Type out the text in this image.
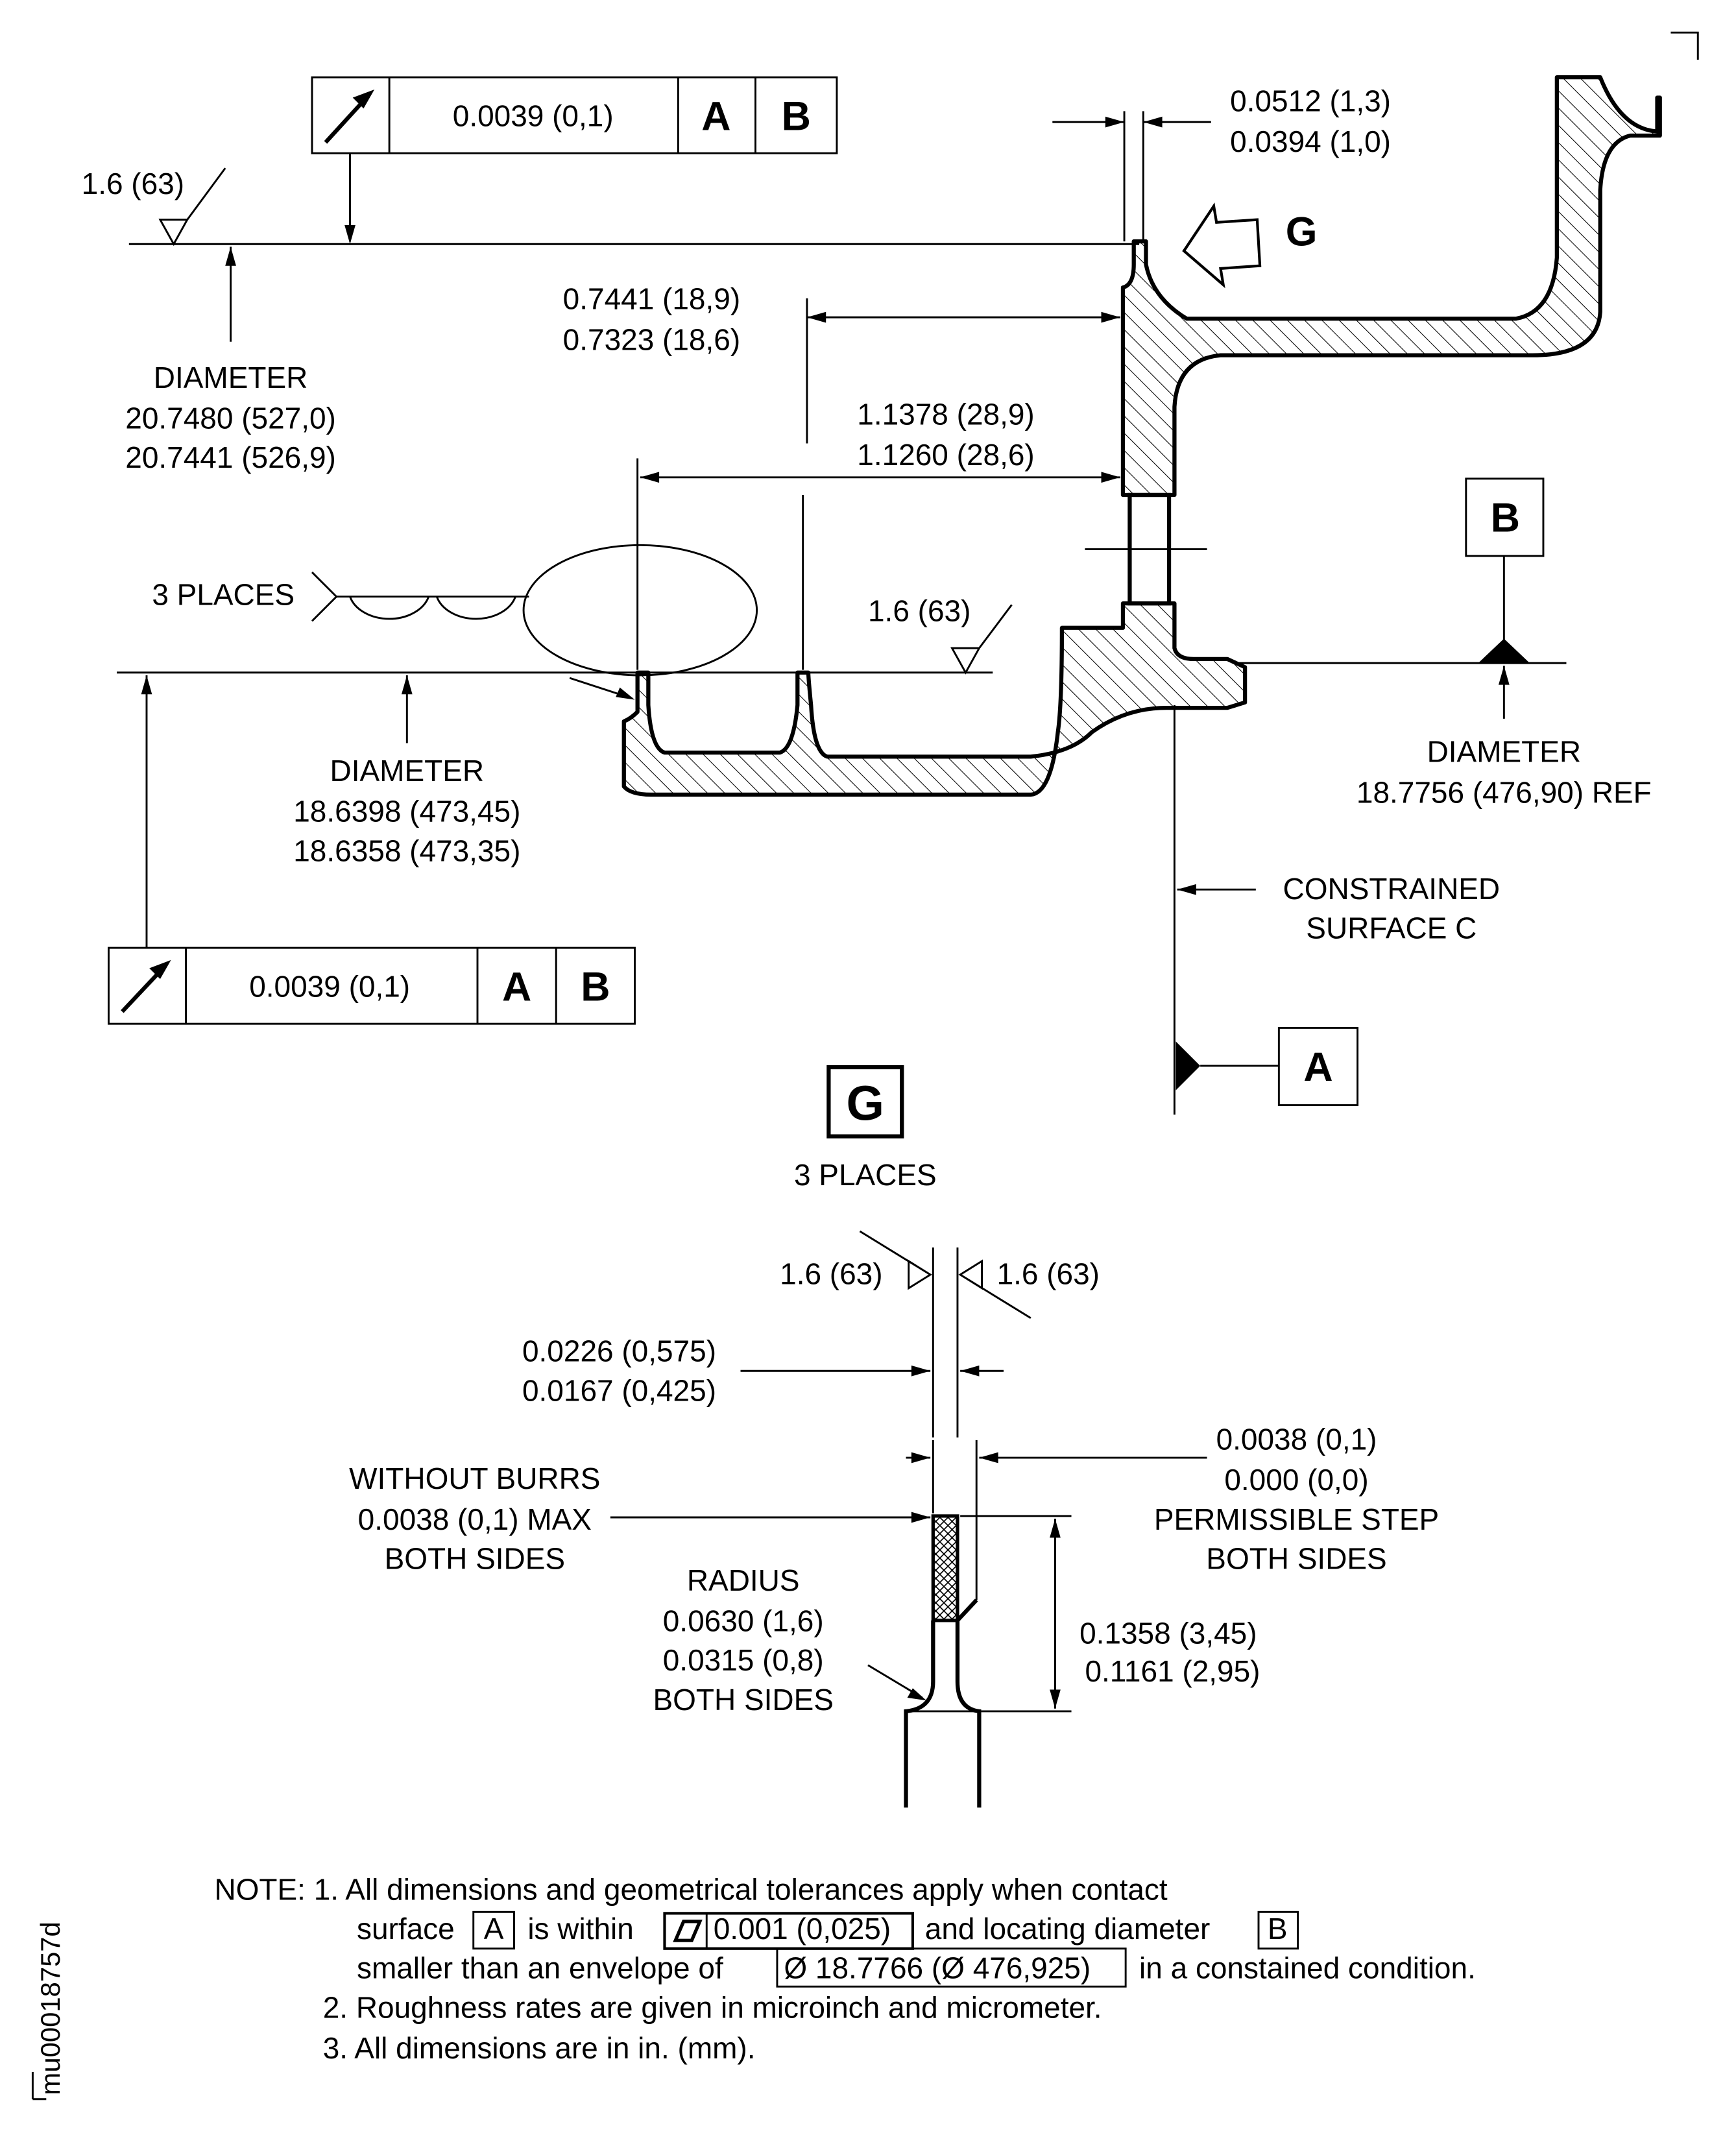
0.0039 (0,1)	A	B
1.6 (63)
DIAMETER
20.7480 (527,0)
20.7441 (526,9)
0.0512 (1,3)
0.0394 (1,0)
G
0.7441 (18,9)
0.7323 (18,6)
1.1378 (28,9)
1.1260 (28,6)
3 PLACES	1.6 (63)
DIAMETER
18.6398 (473,45)
18.6358 (473,35)
0.0039 (0,1)	A	B
B
DIAMETER
18.7756 (476,90) REF
CONSTRAINED
SURFACE C
A
G
3 PLACES
1.6 (63)	1.6 (63)
0.0226 (0,575)
0.0167 (0,425)
0.0038 (0,1)
0.000 (0,0)
PERMISSIBLE STEP
BOTH SIDES
WITHOUT BURRS
0.0038 (0,1) MAX
BOTH SIDES
0.1358 (3,45)
0.1161 (2,95)
RADIUS
0.0630 (1,6)
0.0315 (0,8)
BOTH SIDES
NOTE: 1. All dimensions and geometrical tolerances apply when contact
surface A is within	0.001 (0,025) and locating diameter	B
smaller than an envelope of	Ø 18.7766 (Ø 476,925)	in a constained condition.
2. Roughness rates are given in microinch and micrometer.
3. All dimensions are in in. (mm).
mu00018757d
